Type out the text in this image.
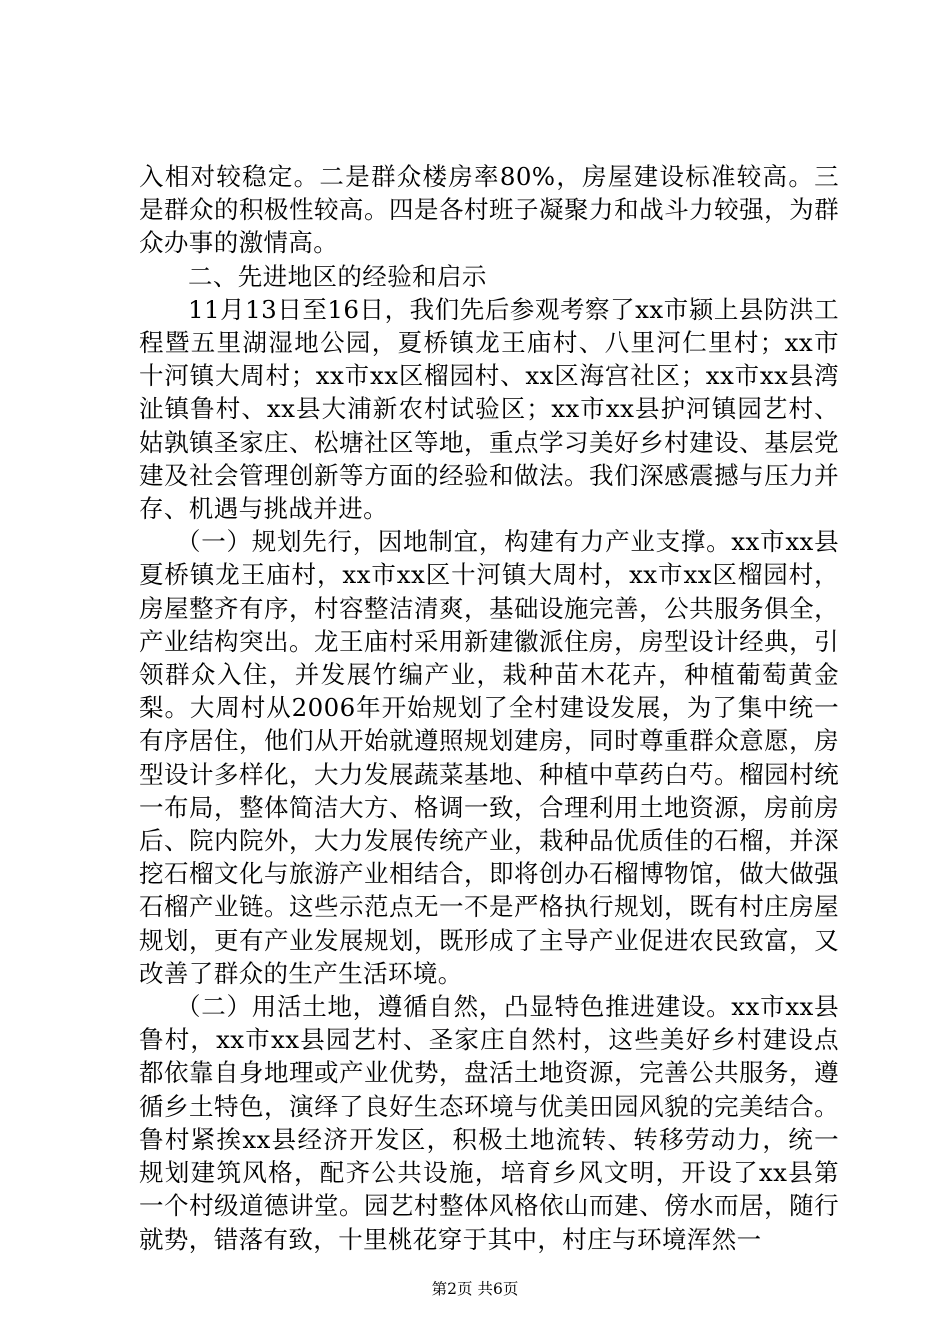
入相对较稳定。二是群众楼房率80%，房屋建设标准较高。三是群众的积极性较高。四是各村班子凝聚力和战斗力较强，为群众办事的激情高。

二、先进地区的经验和启示

11月13日至16日，我们先后参观考察了xx市颍上县防洪工程暨五里湖湿地公园，夏桥镇龙王庙村、八里河仁里村；xx市十河镇大周村；xx市xx区榴园村、xx区海宫社区；xx市xx县湾沚镇鲁村、xx县大浦新农村试验区；xx市xx县护河镇园艺村、姑孰镇圣家庄、松塘社区等地，重点学习美好乡村建设、基层党建及社会管理创新等方面的经验和做法。我们深感震撼与压力并存、机遇与挑战并进。

（一）规划先行，因地制宜，构建有力产业支撑。xx市xx县夏桥镇龙王庙村，xx市xx区十河镇大周村，xx市xx区榴园村，房屋整齐有序，村容整洁清爽，基础设施完善，公共服务俱全，产业结构突出。龙王庙村采用新建徽派住房，房型设计经典，引领群众入住，并发展竹编产业，栽种苗木花卉，种植葡萄黄金梨。大周村从2006年开始规划了全村建设发展，为了集中统一有序居住，他们从开始就遵照规划建房，同时尊重群众意愿，房型设计多样化，大力发展蔬菜基地、种植中草药白芍。榴园村统一布局，整体简洁大方、格调一致，合理利用土地资源，房前房后、院内院外，大力发展传统产业，栽种品优质佳的石榴，并深挖石榴文化与旅游产业相结合，即将创办石榴博物馆，做大做强石榴产业链。这些示范点无一不是严格执行规划，既有村庄房屋规划，更有产业发展规划，既形成了主导产业促进农民致富，又改善了群众的生产生活环境。

（二）用活土地，遵循自然，凸显特色推进建设。xx市xx县鲁村，xx市xx县园艺村、圣家庄自然村，这些美好乡村建设点都依靠自身地理或产业优势，盘活土地资源，完善公共服务，遵循乡土特色，演绎了良好生态环境与优美田园风貌的完美结合。鲁村紧挨xx县经济开发区，积极土地流转、转移劳动力，统一规划建筑风格，配齐公共设施，培育乡风文明，开设了xx县第一个村级道德讲堂。园艺村整体风格依山而建、傍水而居，随行就势，错落有致，十里桃花穿于其中，村庄与环境浑然一

第2页 共6页
